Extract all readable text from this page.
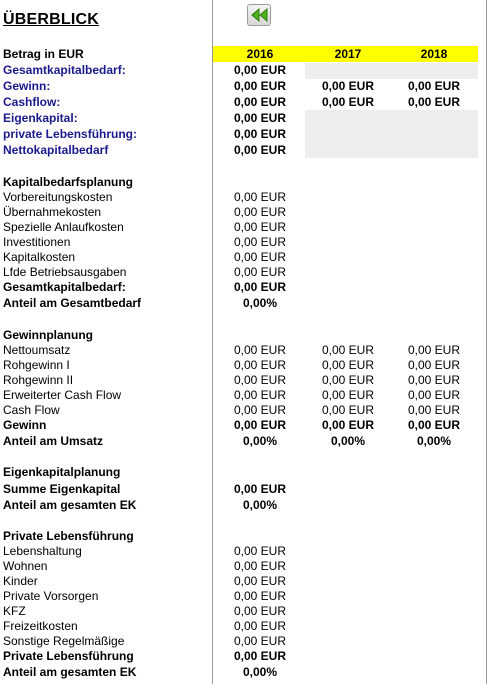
ÜBERBLICK
Betrag in EUR	2016	2017	2018
Gesamtkapitalbedarf:	0,00 EUR
Gewinn:	0,00 EUR	0,00 EUR	0,00 EUR
Cashflow:	0,00 EUR	0,00 EUR	0,00 EUR
Eigenkapital:	0,00 EUR
private Lebensführung:	0,00 EUR
Nettokapitalbedarf	0,00 EUR
Kapitalbedarfsplanung
Vorbereitungskosten	0,00 EUR
Übernahmekosten	0,00 EUR
Spezielle Anlaufkosten	0,00 EUR
Investitionen	0,00 EUR
Kapitalkosten	0,00 EUR
Lfde Betriebsausgaben	0,00 EUR
Gesamtkapitalbedarf:	0,00 EUR
Anteil am Gesamtbedarf	0,00%
Gewinnplanung
Nettoumsatz	0,00 EUR	0,00 EUR	0,00 EUR
Rohgewinn I	0,00 EUR	0,00 EUR	0,00 EUR
Rohgewinn II	0,00 EUR	0,00 EUR	0,00 EUR
Erweiterter Cash Flow	0,00 EUR	0,00 EUR	0,00 EUR
Cash Flow	0,00 EUR	0,00 EUR	0,00 EUR
Gewinn	0,00 EUR	0,00 EUR	0,00 EUR
Anteil am Umsatz	0,00%	0,00%	0,00%
Eigenkapitalplanung
Summe Eigenkapital	0,00 EUR
Anteil am gesamten EK	0,00%
Private Lebensführung
Lebenshaltung	0,00 EUR
Wohnen	0,00 EUR
Kinder	0,00 EUR
Private Vorsorgen	0,00 EUR
KFZ	0,00 EUR
Freizeitkosten	0,00 EUR
Sonstige Regelmäßige	0,00 EUR
Private Lebensführung	0,00 EUR
Anteil am gesamten EK	0,00%
